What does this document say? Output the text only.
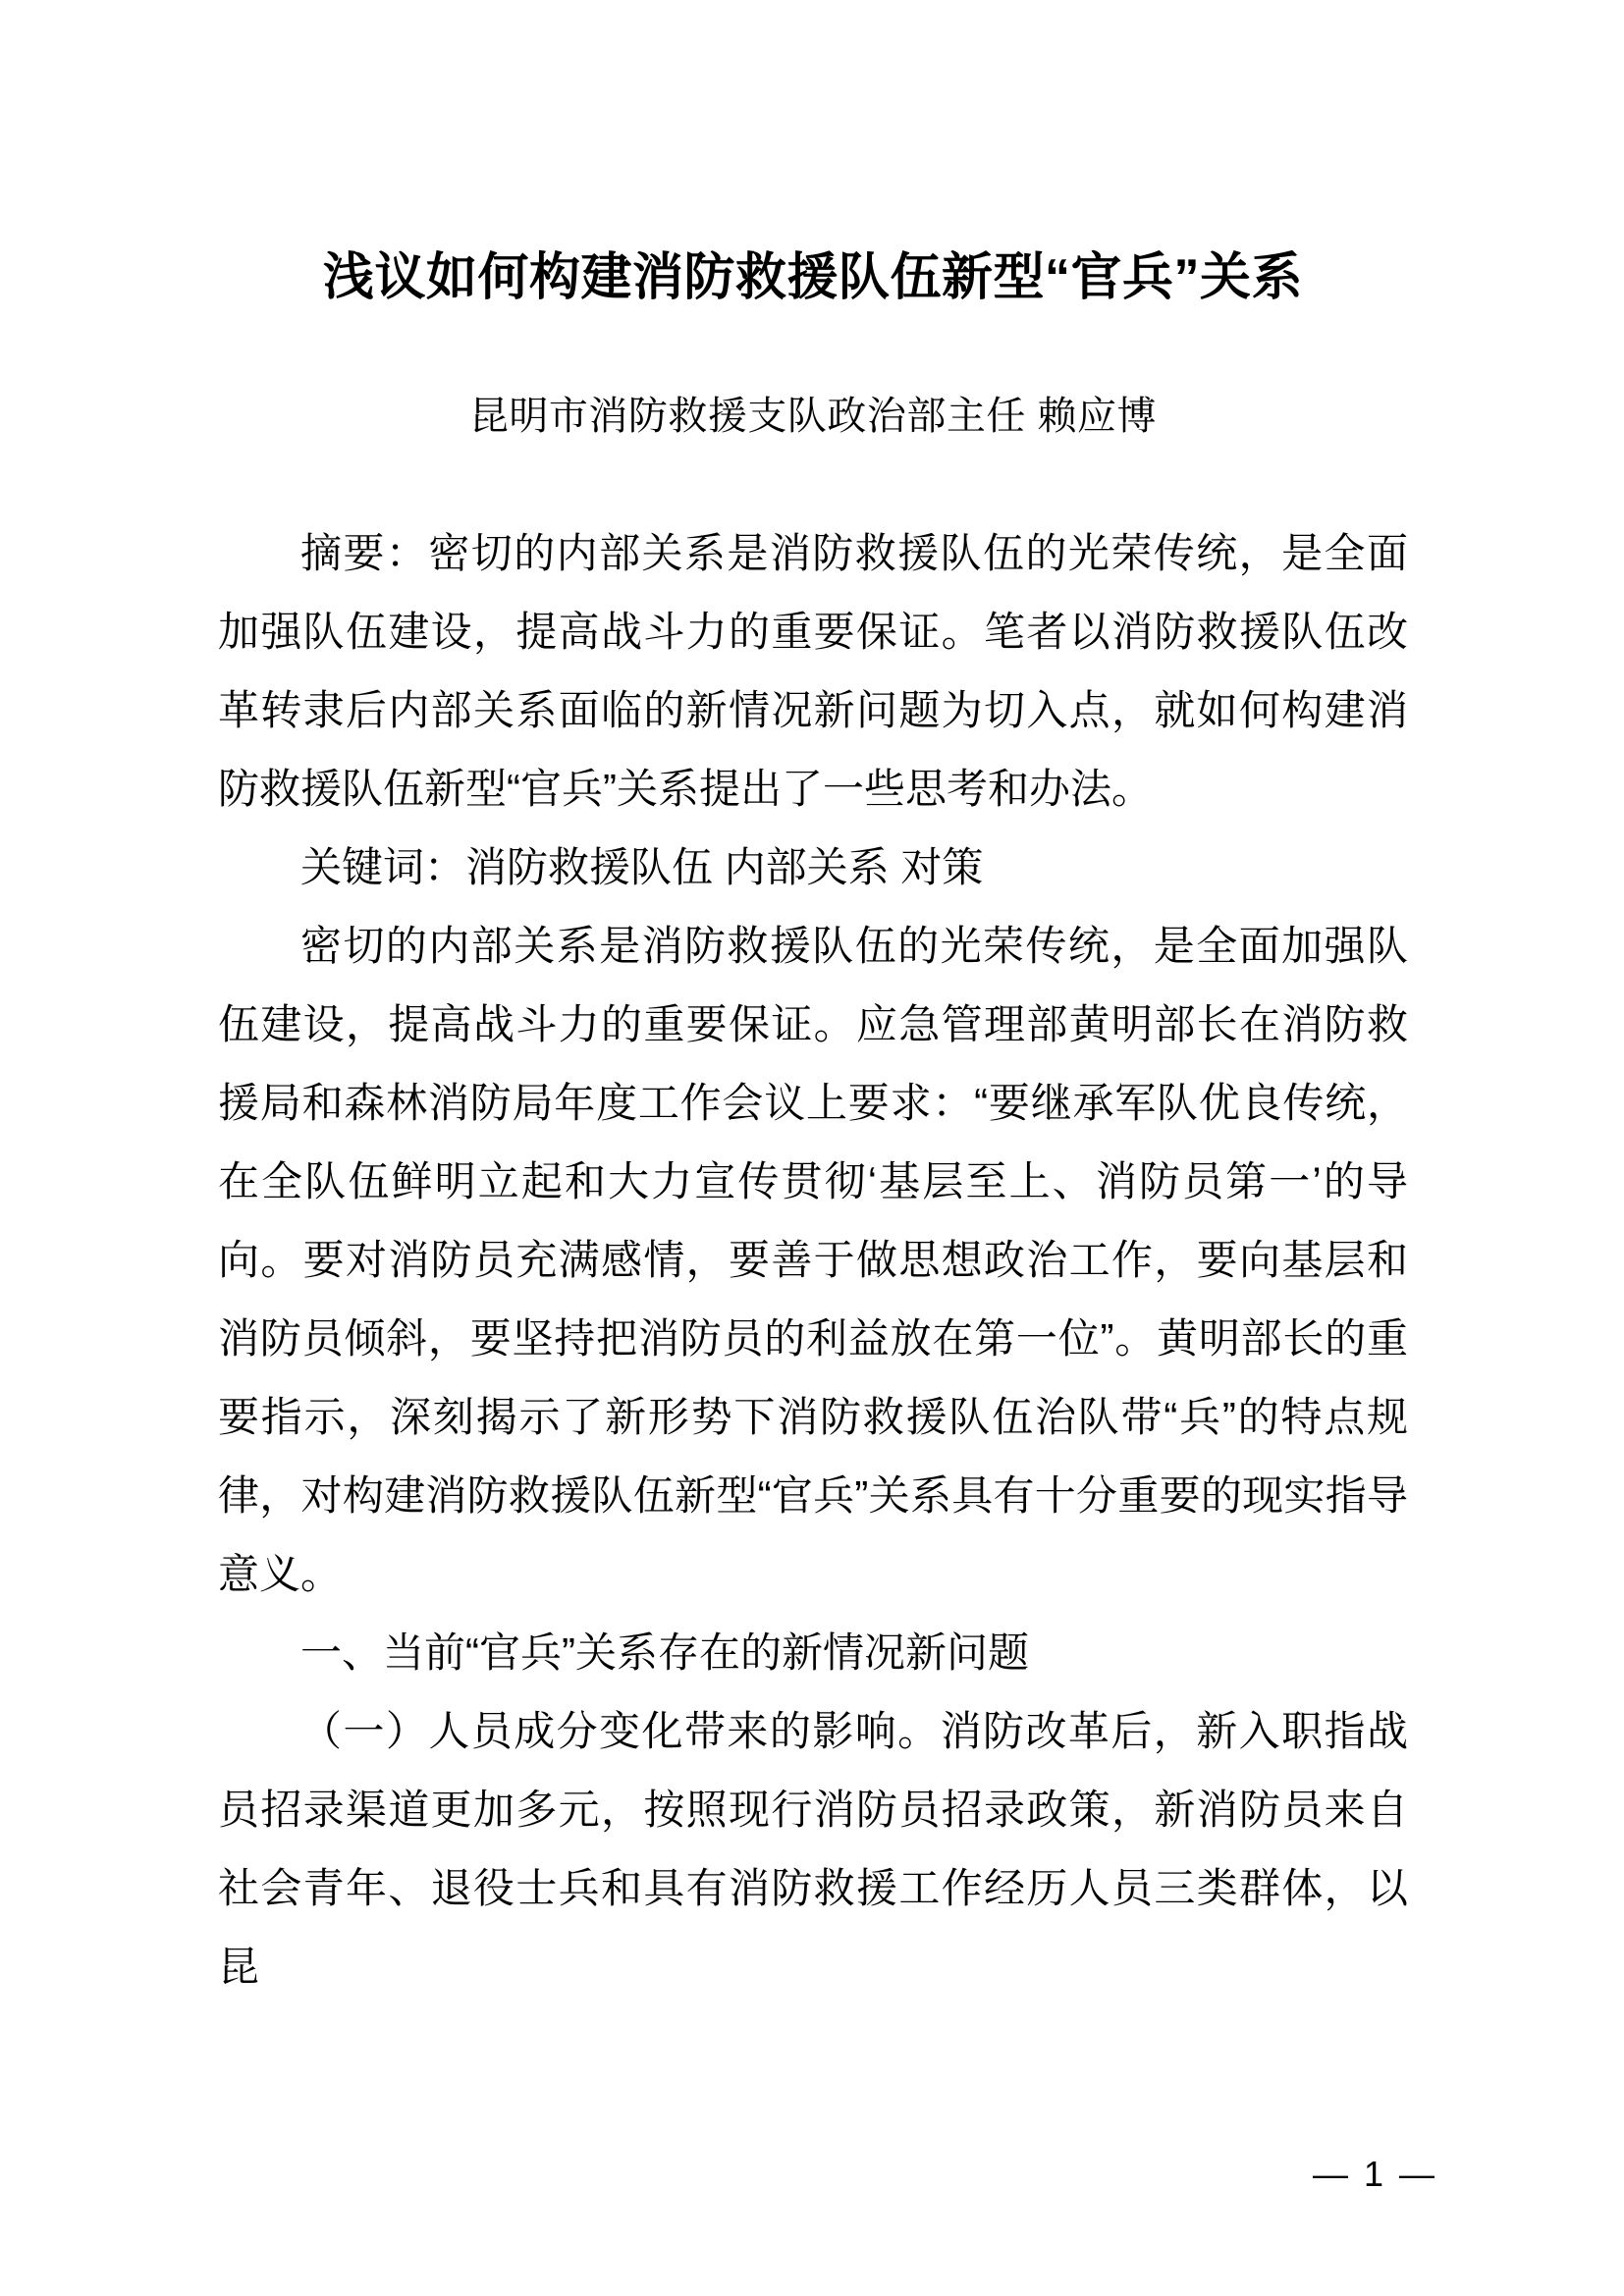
浅议如何构建消防救援队伍新型“官兵”关系
昆明市消防救援支队政治部主任 赖应博

摘要：密切的内部关系是消防救援队伍的光荣传统，是全面加强队伍建设，提高战斗力的重要保证。笔者以消防救援队伍改革转隶后内部关系面临的新情况新问题为切入点，就如何构建消防救援队伍新型“官兵”关系提出了一些思考和办法。

关键词：消防救援队伍 内部关系 对策

密切的内部关系是消防救援队伍的光荣传统，是全面加强队伍建设，提高战斗力的重要保证。应急管理部黄明部长在消防救援局和森林消防局年度工作会议上要求：“要继承军队优良传统，在全队伍鲜明立起和大力宣传贯彻‘基层至上、消防员第一’的导向。要对消防员充满感情，要善于做思想政治工作，要向基层和消防员倾斜，要坚持把消防员的利益放在第一位”。黄明部长的重要指示，深刻揭示了新形势下消防救援队伍治队带“兵”的特点规律，对构建消防救援队伍新型“官兵”关系具有十分重要的现实指导意义。

一、当前“官兵”关系存在的新情况新问题

（一）人员成分变化带来的影响。消防改革后，新入职指战员招录渠道更加多元，按照现行消防员招录政策，新消防员来自社会青年、退役士兵和具有消防救援工作经历人员三类群体，以昆

— 1 —
